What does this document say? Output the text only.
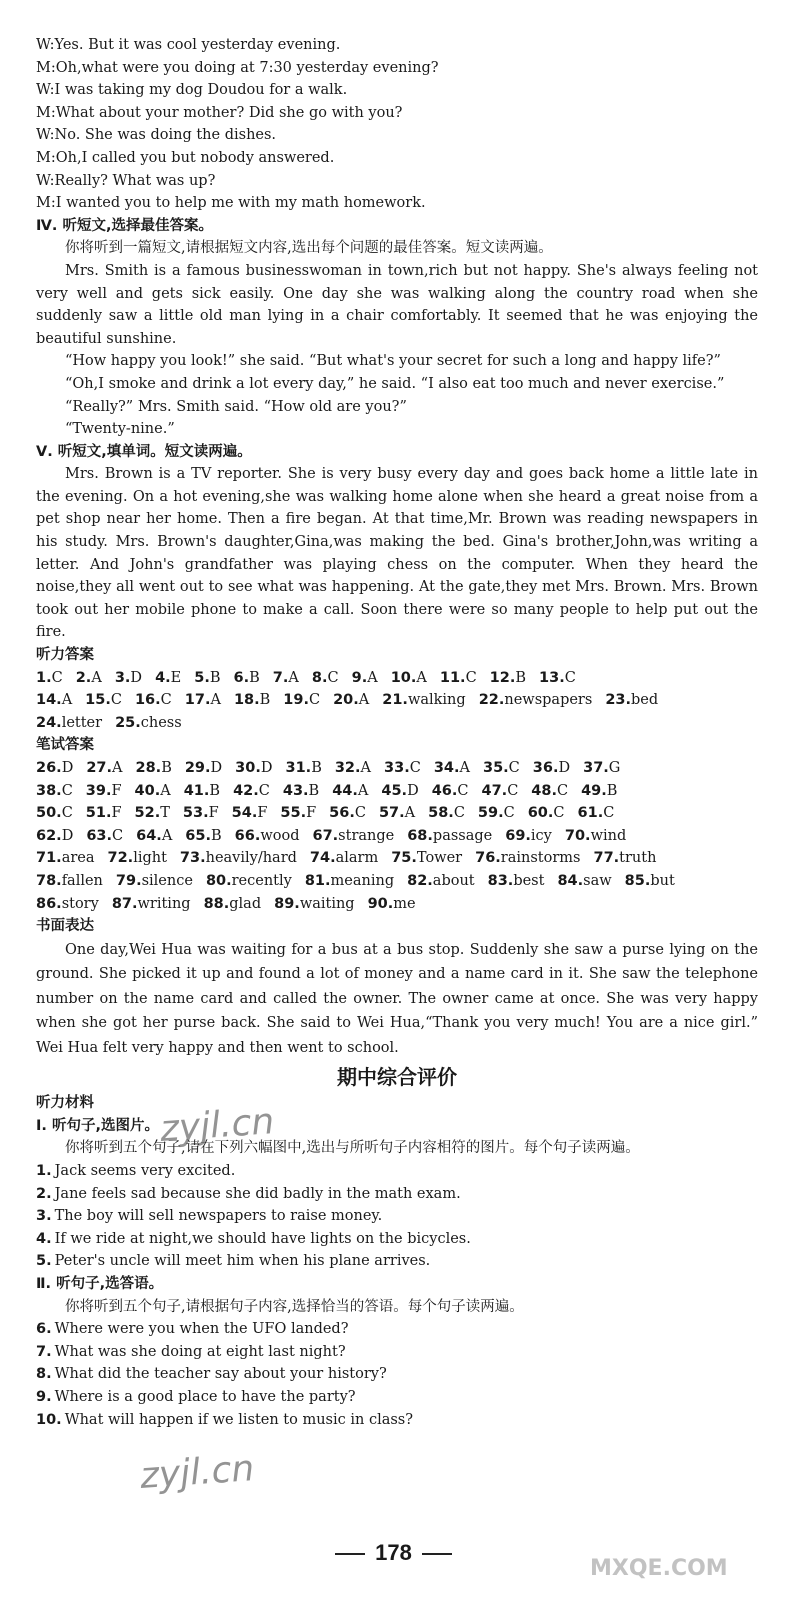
W:Yes. But it was cool yesterday evening.
M:Oh,what were you doing at 7:30 yesterday evening?
W:I was taking my dog Doudou for a walk.
M:What about your mother? Did she go with you?
W:No. She was doing the dishes.
M:Oh,I called you but nobody answered.
W:Really? What was up?
M:I wanted you to help me with my math homework.
Ⅳ. 听短文,选择最佳答案。

你将听到一篇短文,请根据短文内容,选出每个问题的最佳答案。短文读两遍。

Mrs. Smith is a famous businesswoman in town,rich but not happy. She's always feeling not very well and gets sick easily. One day she was walking along the country road when she suddenly saw a little old man lying in a chair comfortably. It seemed that he was enjoying the beautiful sunshine.

“How happy you look!” she said. “But what's your secret for such a long and happy life?”

“Oh,I smoke and drink a lot every day,” he said. “I also eat too much and never exercise.”

“Really?” Mrs. Smith said. “How old are you?”

“Twenty-nine.”

Ⅴ. 听短文,填单词。短文读两遍。

Mrs. Brown is a TV reporter. She is very busy every day and goes back home a little late in the evening. On a hot evening,she was walking home alone when she heard a great noise from a pet shop near her home. Then a fire began. At that time,Mr. Brown was reading newspapers in his study. Mrs. Brown's daughter,Gina,was making the bed. Gina's brother,John,was writing a letter. And John's grandfather was playing chess on the computer. When they heard the noise,they all went out to see what was happening. At the gate,they met Mrs. Brown. Mrs. Brown took out her mobile phone to make a call. Soon there were so many people to help put out the fire.

听力答案
1.C 2.A 3.D 4.E 5.B 6.B 7.A 8.C 9.A 10.A 11.C 12.B 13.C
14.A 15.C 16.C 17.A 18.B 19.C 20.A 21.walking 22.newspapers 23.bed
24.letter 25.chess
笔试答案
26.D 27.A 28.B 29.D 30.D 31.B 32.A 33.C 34.A 35.C 36.D 37.G
38.C 39.F 40.A 41.B 42.C 43.B 44.A 45.D 46.C 47.C 48.C 49.B
50.C 51.F 52.T 53.F 54.F 55.F 56.C 57.A 58.C 59.C 60.C 61.C
62.D 63.C 64.A 65.B 66.wood 67.strange 68.passage 69.icy 70.wind
71.area 72.light 73.heavily/hard 74.alarm 75.Tower 76.rainstorms 77.truth
78.fallen 79.silence 80.recently 81.meaning 82.about 83.best 84.saw 85.but
86.story 87.writing 88.glad 89.waiting 90.me
书面表达

One day,Wei Hua was waiting for a bus at a bus stop. Suddenly she saw a purse lying on the ground. She picked it up and found a lot of money and a name card in it. She saw the telephone number on the name card and called the owner. The owner came at once. She was very happy when she got her purse back. She said to Wei Hua,“Thank you very much! You are a nice girl.” Wei Hua felt very happy and then went to school.

期中综合评价
听力材料
Ⅰ. 听句子,选图片。

你将听到五个句子,请在下列六幅图中,选出与所听句子内容相符的图片。每个句子读两遍。

1. Jack seems very excited.
2. Jane feels sad because she did badly in the math exam.
3. The boy will sell newspapers to raise money.
4. If we ride at night,we should have lights on the bicycles.
5. Peter's uncle will meet him when his plane arrives.
Ⅱ. 听句子,选答语。

你将听到五个句子,请根据句子内容,选择恰当的答语。每个句子读两遍。

6. Where were you when the UFO landed?
7. What was she doing at eight last night?
8. What did the teacher say about your history?
9. Where is a good place to have the party?
10. What will happen if we listen to music in class?
178
zyjl.cn
zyjl.cn
MXQE.COM
